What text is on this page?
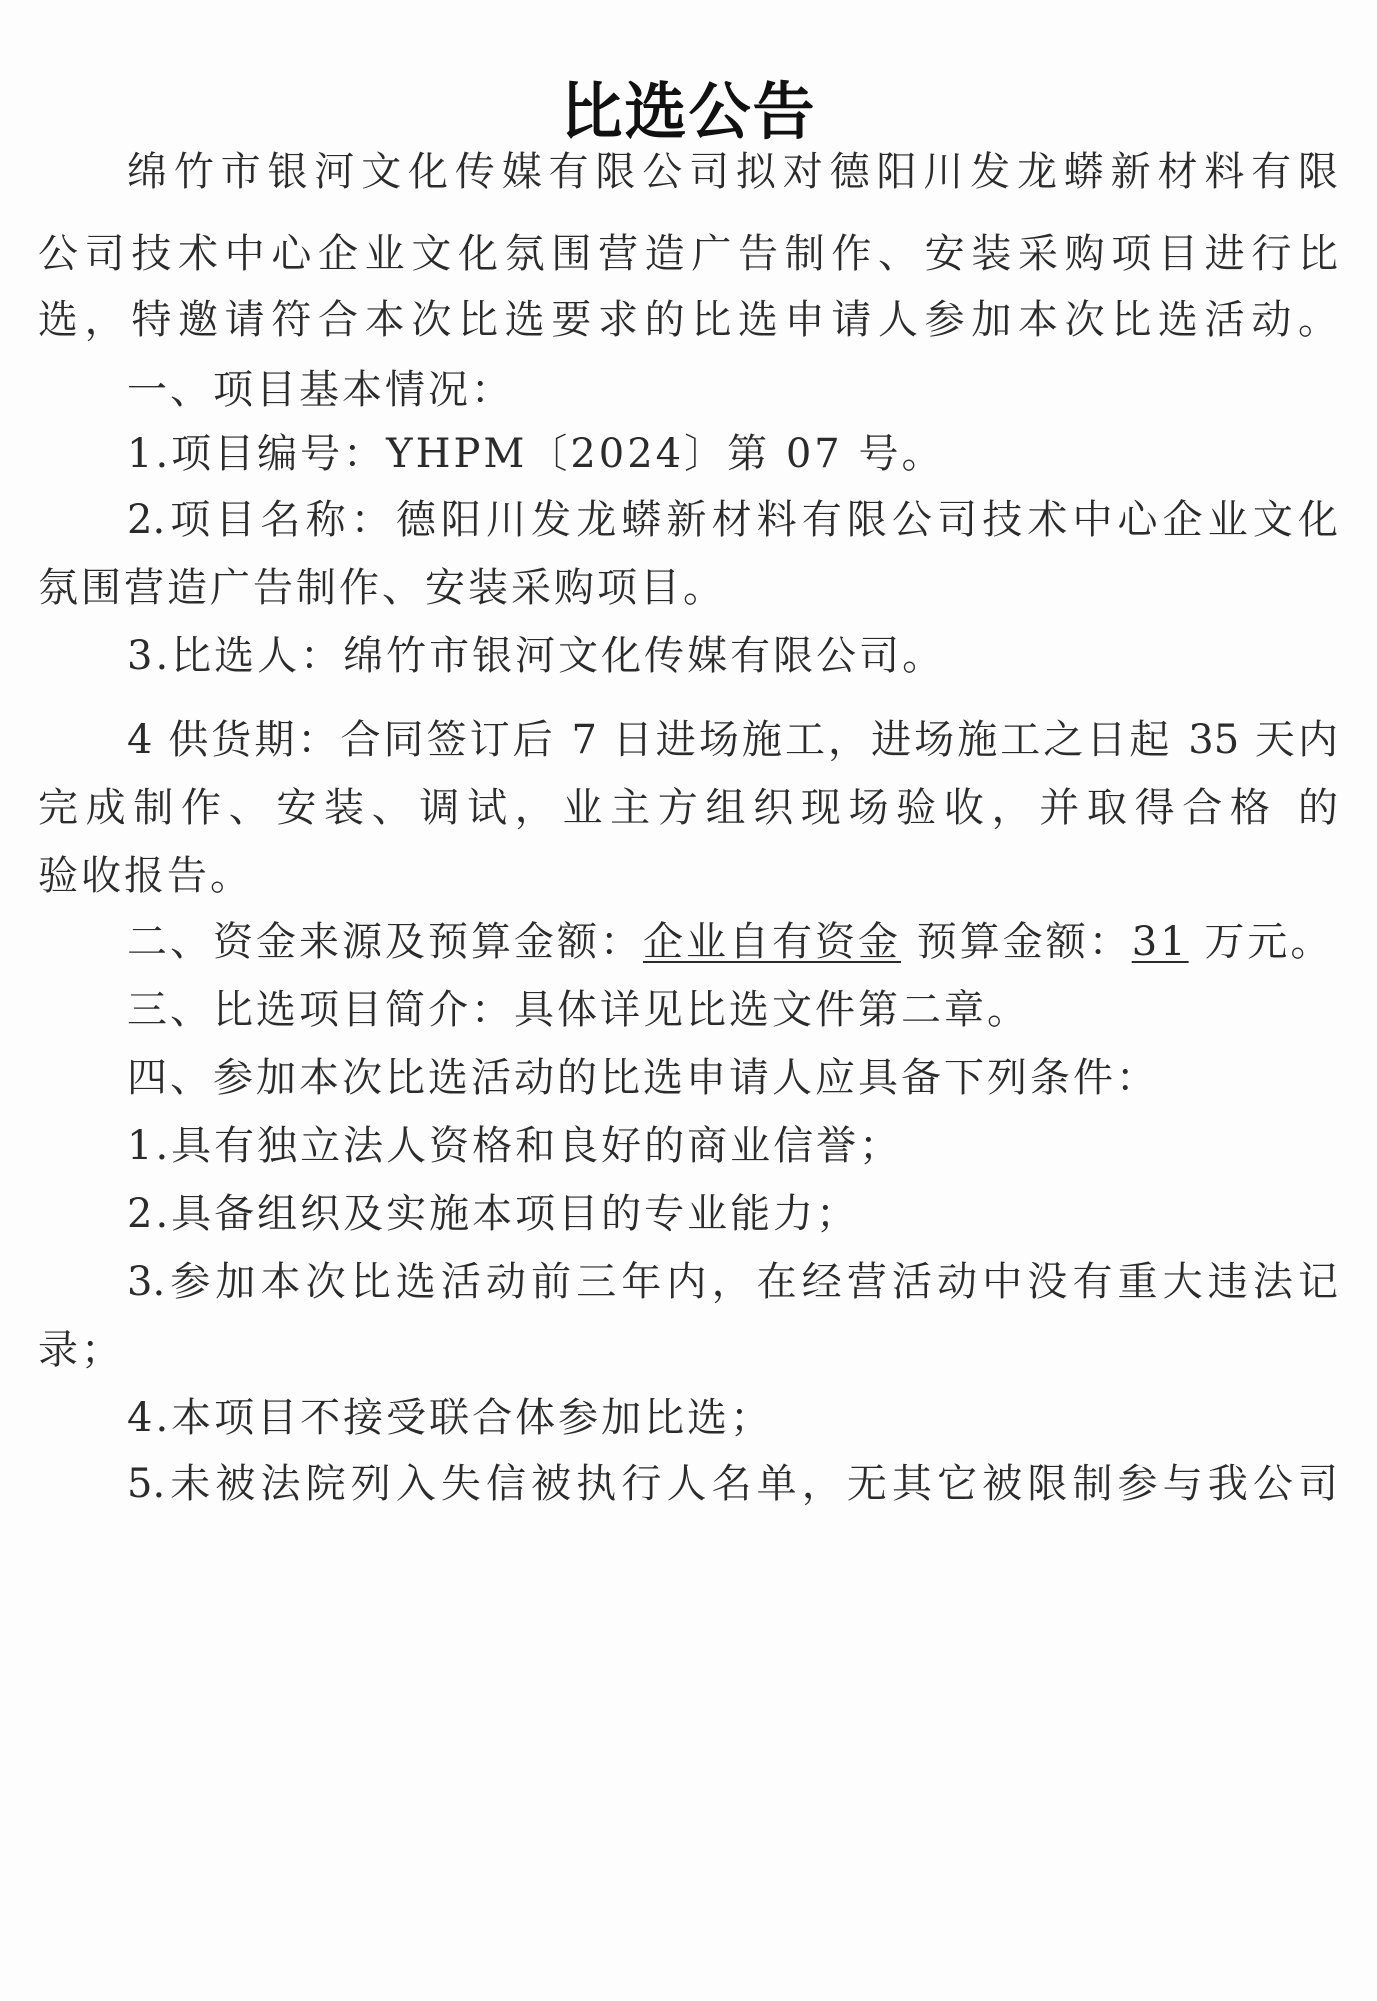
比选公告
绵竹市银河文化传媒有限公司拟对德阳川发龙蟒新材料有限
公司技术中心企业文化氛围营造广告制作、安装采购项目进行比
选，特邀请符合本次比选要求的比选申请人参加本次比选活动。
一、项目基本情况：
1.项目编号：YHPM〔2024〕第 07 号。
2.项目名称：德阳川发龙蟒新材料有限公司技术中心企业文化
氛围营造广告制作、安装采购项目。
3.比选人：绵竹市银河文化传媒有限公司。
4 供货期：合同签订后 7 日进场施工，进场施工之日起 35 天内
完成制作、安装、调试，业主方组织现场验收，并取得合格 的
验收报告。
二、资金来源及预算金额：企业自有资金 预算金额：31 万元。
三、比选项目简介：具体详见比选文件第二章。
四、参加本次比选活动的比选申请人应具备下列条件：
1.具有独立法人资格和良好的商业信誉；
2.具备组织及实施本项目的专业能力；
3.参加本次比选活动前三年内，在经营活动中没有重大违法记
录；
4.本项目不接受联合体参加比选；
5.未被法院列入失信被执行人名单，无其它被限制参与我公司
